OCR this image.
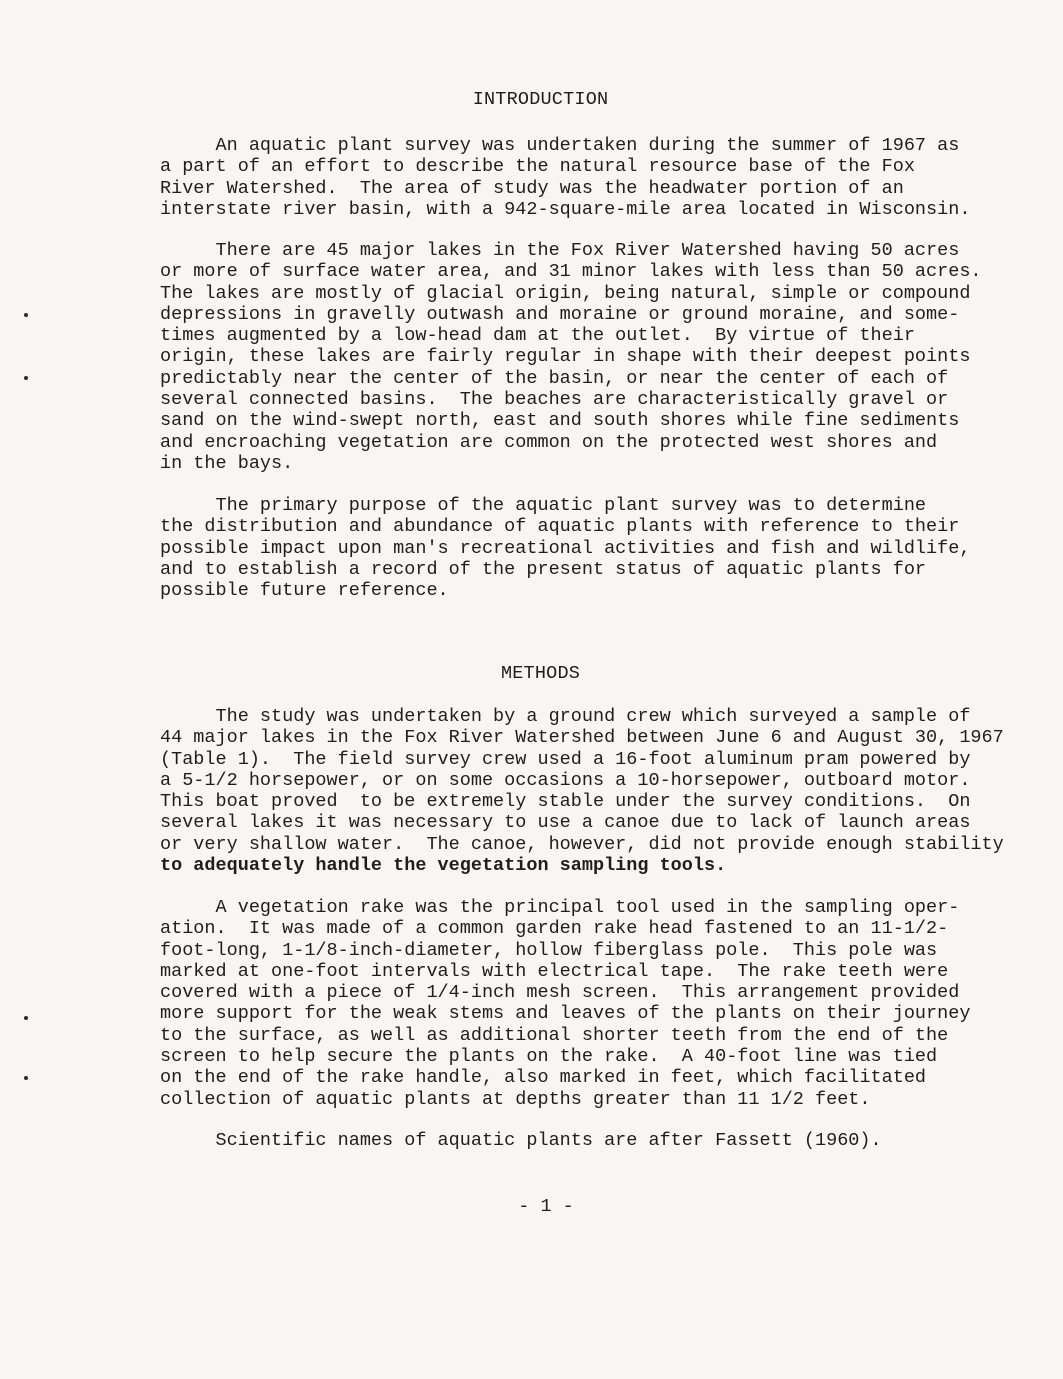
INTRODUCTION
An aquatic plant survey was undertaken during the summer of 1967 as
a part of an effort to describe the natural resource base of the Fox
River Watershed.  The area of study was the headwater portion of an
interstate river basin, with a 942-square-mile area located in Wisconsin.
There are 45 major lakes in the Fox River Watershed having 50 acres
or more of surface water area, and 31 minor lakes with less than 50 acres.
The lakes are mostly of glacial origin, being natural, simple or compound
depressions in gravelly outwash and moraine or ground moraine, and some-
times augmented by a low-head dam at the outlet.  By virtue of their
origin, these lakes are fairly regular in shape with their deepest points
predictably near the center of the basin, or near the center of each of
several connected basins.  The beaches are characteristically gravel or
sand on the wind-swept north, east and south shores while fine sediments
and encroaching vegetation are common on the protected west shores and
in the bays.
The primary purpose of the aquatic plant survey was to determine
the distribution and abundance of aquatic plants with reference to their
possible impact upon man's recreational activities and fish and wildlife,
and to establish a record of the present status of aquatic plants for
possible future reference.
METHODS
The study was undertaken by a ground crew which surveyed a sample of
44 major lakes in the Fox River Watershed between June 6 and August 30, 1967
(Table 1).  The field survey crew used a 16-foot aluminum pram powered by
a 5-1/2 horsepower, or on some occasions a 10-horsepower, outboard motor.
This boat proved  to be extremely stable under the survey conditions.  On
several lakes it was necessary to use a canoe due to lack of launch areas
or very shallow water.  The canoe, however, did not provide enough stability
to adequately handle the vegetation sampling tools.
A vegetation rake was the principal tool used in the sampling oper-
ation.  It was made of a common garden rake head fastened to an 11-1/2-
foot-long, 1-1/8-inch-diameter, hollow fiberglass pole.  This pole was
marked at one-foot intervals with electrical tape.  The rake teeth were
covered with a piece of 1/4-inch mesh screen.  This arrangement provided
more support for the weak stems and leaves of the plants on their journey
to the surface, as well as additional shorter teeth from the end of the
screen to help secure the plants on the rake.  A 40-foot line was tied
on the end of the rake handle, also marked in feet, which facilitated
collection of aquatic plants at depths greater than 11 1/2 feet.
Scientific names of aquatic plants are after Fassett (1960).
- 1 -
